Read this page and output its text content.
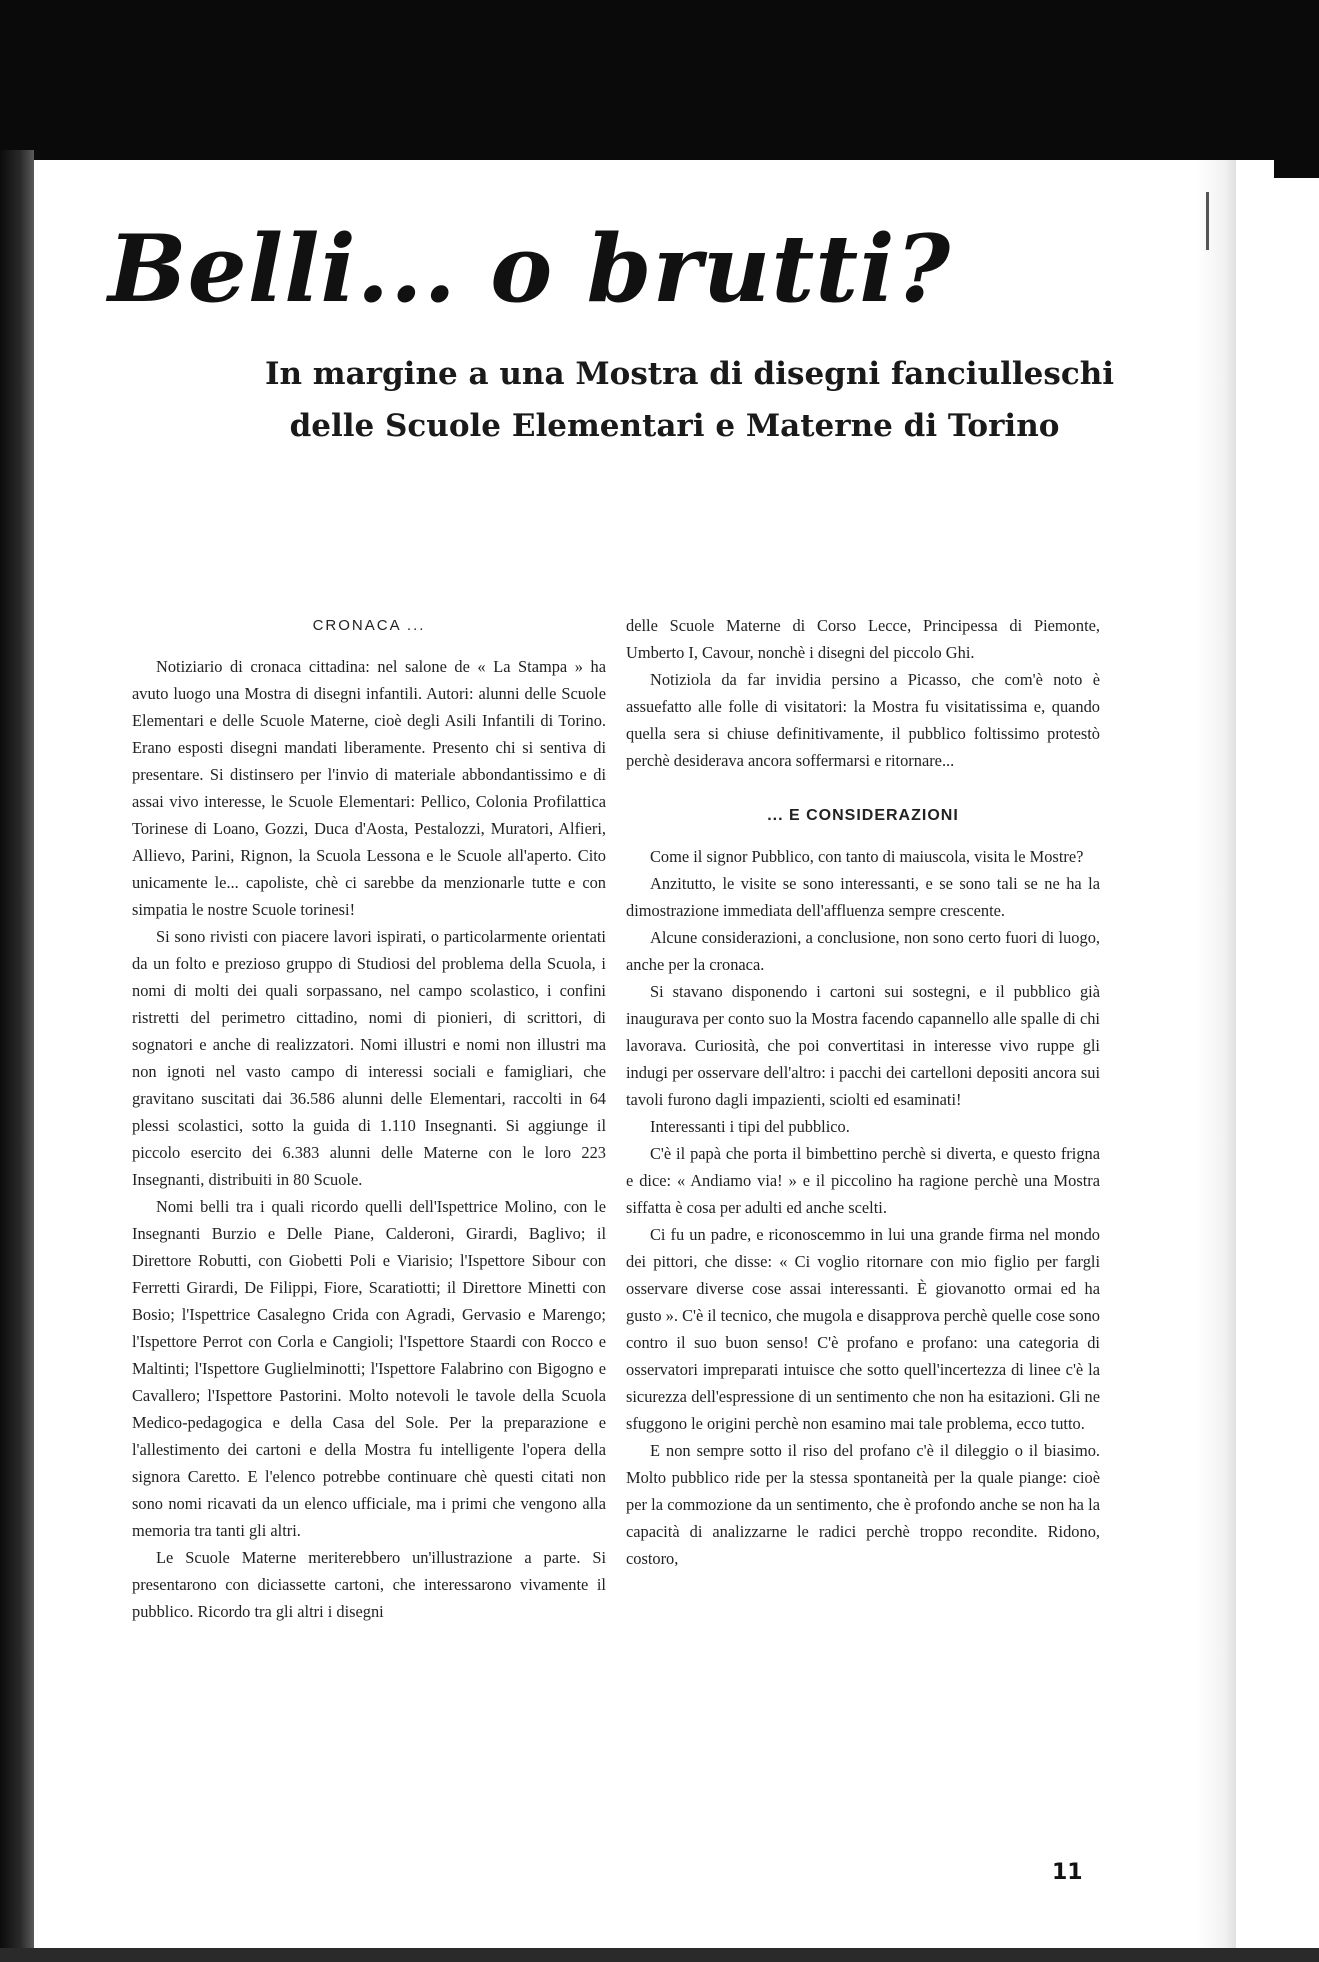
Belli... o brutti?
In margine a una Mostra di disegni fanciulleschi
delle Scuole Elementari e Materne di Torino

CRONACA ...

Notiziario di cronaca cittadina: nel salone de « La Stampa » ha avuto luogo una Mostra di disegni infantili. Autori: alunni delle Scuole Elementari e delle Scuole Materne, cioè degli Asili Infantili di Torino. Erano esposti disegni mandati liberamente. Presento chi si sentiva di presentare. Si distinsero per l'invio di materiale abbondantissimo e di assai vivo interesse, le Scuole Elementari: Pellico, Colonia Profilattica Torinese di Loano, Gozzi, Duca d'Aosta, Pestalozzi, Muratori, Alfieri, Allievo, Parini, Rignon, la Scuola Lessona e le Scuole all'aperto. Cito unicamente le... capoliste, chè ci sarebbe da menzionarle tutte e con simpatia le nostre Scuole torinesi!

Si sono rivisti con piacere lavori ispirati, o particolarmente orientati da un folto e prezioso gruppo di Studiosi del problema della Scuola, i nomi di molti dei quali sorpassano, nel campo scolastico, i confini ristretti del perimetro cittadino, nomi di pionieri, di scrittori, di sognatori e anche di realizzatori. Nomi illustri e nomi non illustri ma non ignoti nel vasto campo di interessi sociali e famigliari, che gravitano suscitati dai 36.586 alunni delle Elementari, raccolti in 64 plessi scolastici, sotto la guida di 1.110 Insegnanti. Si aggiunge il piccolo esercito dei 6.383 alunni delle Materne con le loro 223 Insegnanti, distribuiti in 80 Scuole.

Nomi belli tra i quali ricordo quelli dell'Ispettrice Molino, con le Insegnanti Burzio e Delle Piane, Calderoni, Girardi, Baglivo; il Direttore Robutti, con Giobetti Poli e Viarisio; l'Ispettore Sibour con Ferretti Girardi, De Filippi, Fiore, Scaratiotti; il Direttore Minetti con Bosio; l'Ispettrice Casalegno Crida con Agradi, Gervasio e Marengo; l'Ispettore Perrot con Corla e Cangioli; l'Ispettore Staardi con Rocco e Maltinti; l'Ispettore Guglielminotti; l'Ispettore Falabrino con Bigogno e Cavallero; l'Ispettore Pastorini. Molto notevoli le tavole della Scuola Medico-pedagogica e della Casa del Sole. Per la preparazione e l'allestimento dei cartoni e della Mostra fu intelligente l'opera della signora Caretto. E l'elenco potrebbe continuare chè questi citati non sono nomi ricavati da un elenco ufficiale, ma i primi che vengono alla memoria tra tanti gli altri.

Le Scuole Materne meriterebbero un'illustrazione a parte. Si presentarono con diciassette cartoni, che interessarono vivamente il pubblico. Ricordo tra gli altri i disegni

delle Scuole Materne di Corso Lecce, Principessa di Piemonte, Umberto I, Cavour, nonchè i disegni del piccolo Ghi.

Notiziola da far invidia persino a Picasso, che com'è noto è assuefatto alle folle di visitatori: la Mostra fu visitatissima e, quando quella sera si chiuse definitivamente, il pubblico foltissimo protestò perchè desiderava ancora soffermarsi e ritornare...

... E CONSIDERAZIONI

Come il signor Pubblico, con tanto di maiuscola, visita le Mostre?

Anzitutto, le visite se sono interessanti, e se sono tali se ne ha la dimostrazione immediata dell'affluenza sempre crescente.

Alcune considerazioni, a conclusione, non sono certo fuori di luogo, anche per la cronaca.

Si stavano disponendo i cartoni sui sostegni, e il pubblico già inaugurava per conto suo la Mostra facendo capannello alle spalle di chi lavorava. Curiosità, che poi convertitasi in interesse vivo ruppe gli indugi per osservare dell'altro: i pacchi dei cartelloni depositi ancora sui tavoli furono dagli impazienti, sciolti ed esaminati!

Interessanti i tipi del pubblico.

C'è il papà che porta il bimbettino perchè si diverta, e questo frigna e dice: « Andiamo via! » e il piccolino ha ragione perchè una Mostra siffatta è cosa per adulti ed anche scelti.

Ci fu un padre, e riconoscemmo in lui una grande firma nel mondo dei pittori, che disse: « Ci voglio ritornare con mio figlio per fargli osservare diverse cose assai interessanti. È giovanotto ormai ed ha gusto ». C'è il tecnico, che mugola e disapprova perchè quelle cose sono contro il suo buon senso! C'è profano e profano: una categoria di osservatori impreparati intuisce che sotto quell'incertezza di linee c'è la sicurezza dell'espressione di un sentimento che non ha esitazioni. Gli ne sfuggono le origini perchè non esamino mai tale problema, ecco tutto.

E non sempre sotto il riso del profano c'è il dileggio o il biasimo. Molto pubblico ride per la stessa spontaneità per la quale piange: cioè per la commozione da un sentimento, che è profondo anche se non ha la capacità di analizzarne le radici perchè troppo recondite. Ridono, costoro,

11
